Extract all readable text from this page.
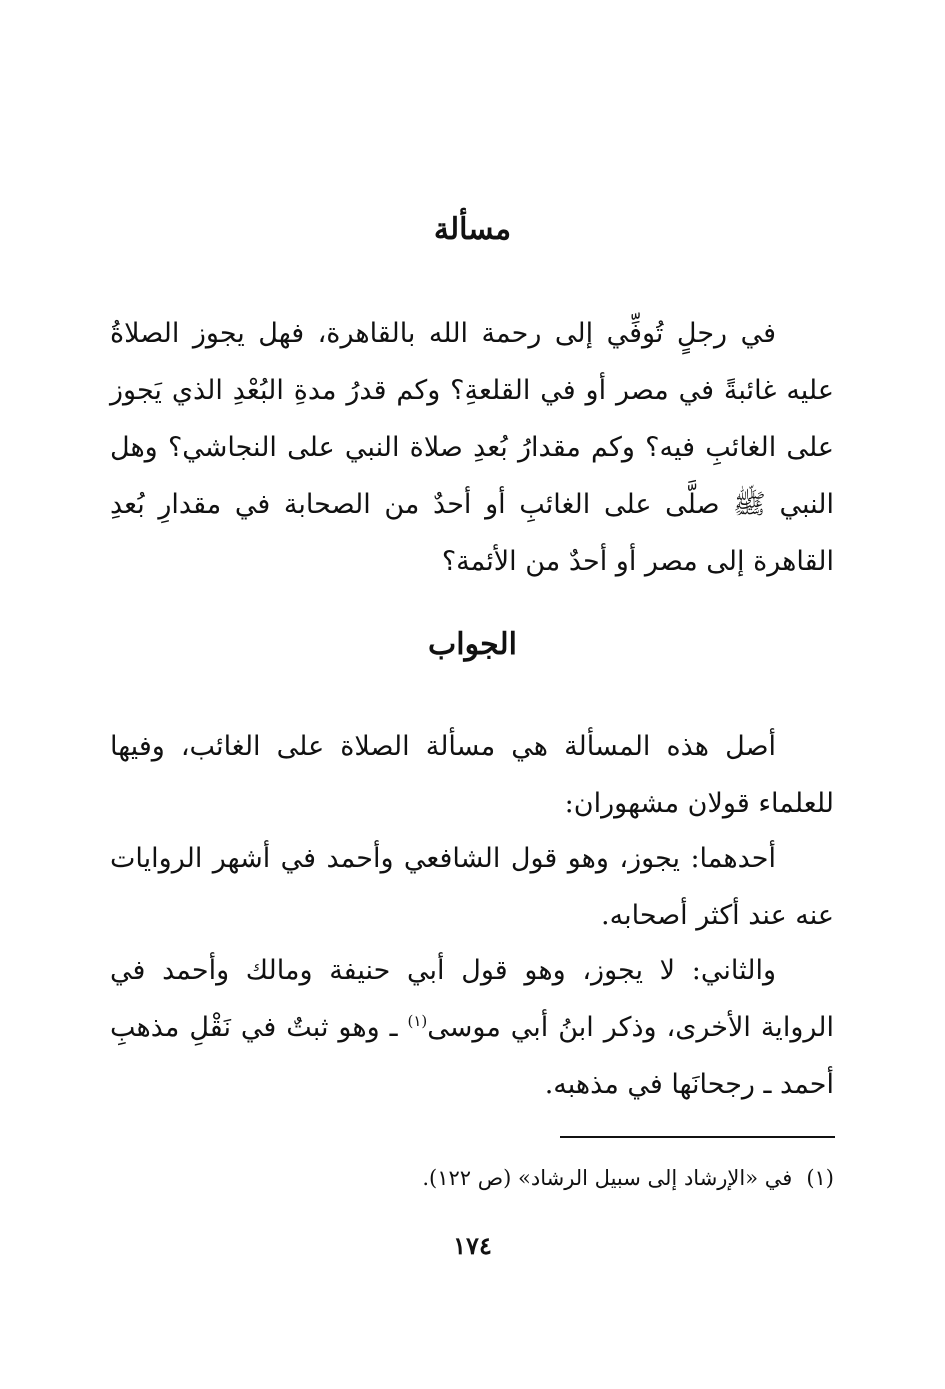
مسألة

في رجلٍ تُوفِّي إلى رحمة الله بالقاهرة، فهل يجوز الصلاةُ عليه غائبةً في مصر أو في القلعةِ؟ وكم قدرُ مدةِ البُعْدِ الذي يَجوز على الغائبِ فيه؟ وكم مقدارُ بُعدِ صلاة النبي على النجاشي؟ وهل النبي ﷺ صلَّى على الغائبِ أو أحدٌ من الصحابة في مقدارِ بُعدِ القاهرة إلى مصر أو أحدٌ من الأئمة؟

الجواب

أصل هذه المسألة هي مسألة الصلاة على الغائب، وفيها للعلماء قولان مشهوران:

أحدهما: يجوز، وهو قول الشافعي وأحمد في أشهر الروايات عنه عند أكثر أصحابه.

والثاني: لا يجوز، وهو قول أبي حنيفة ومالك وأحمد في الرواية الأخرى، وذكر ابنُ أبي موسى$^{(١)}$ ـ وهو ثبتٌ في نَقْلِ مذهبِ أحمد ـ رجحانَها في مذهبه.

(١)في «الإرشاد إلى سبيل الرشاد» (ص ١٢٢).
١٧٤
